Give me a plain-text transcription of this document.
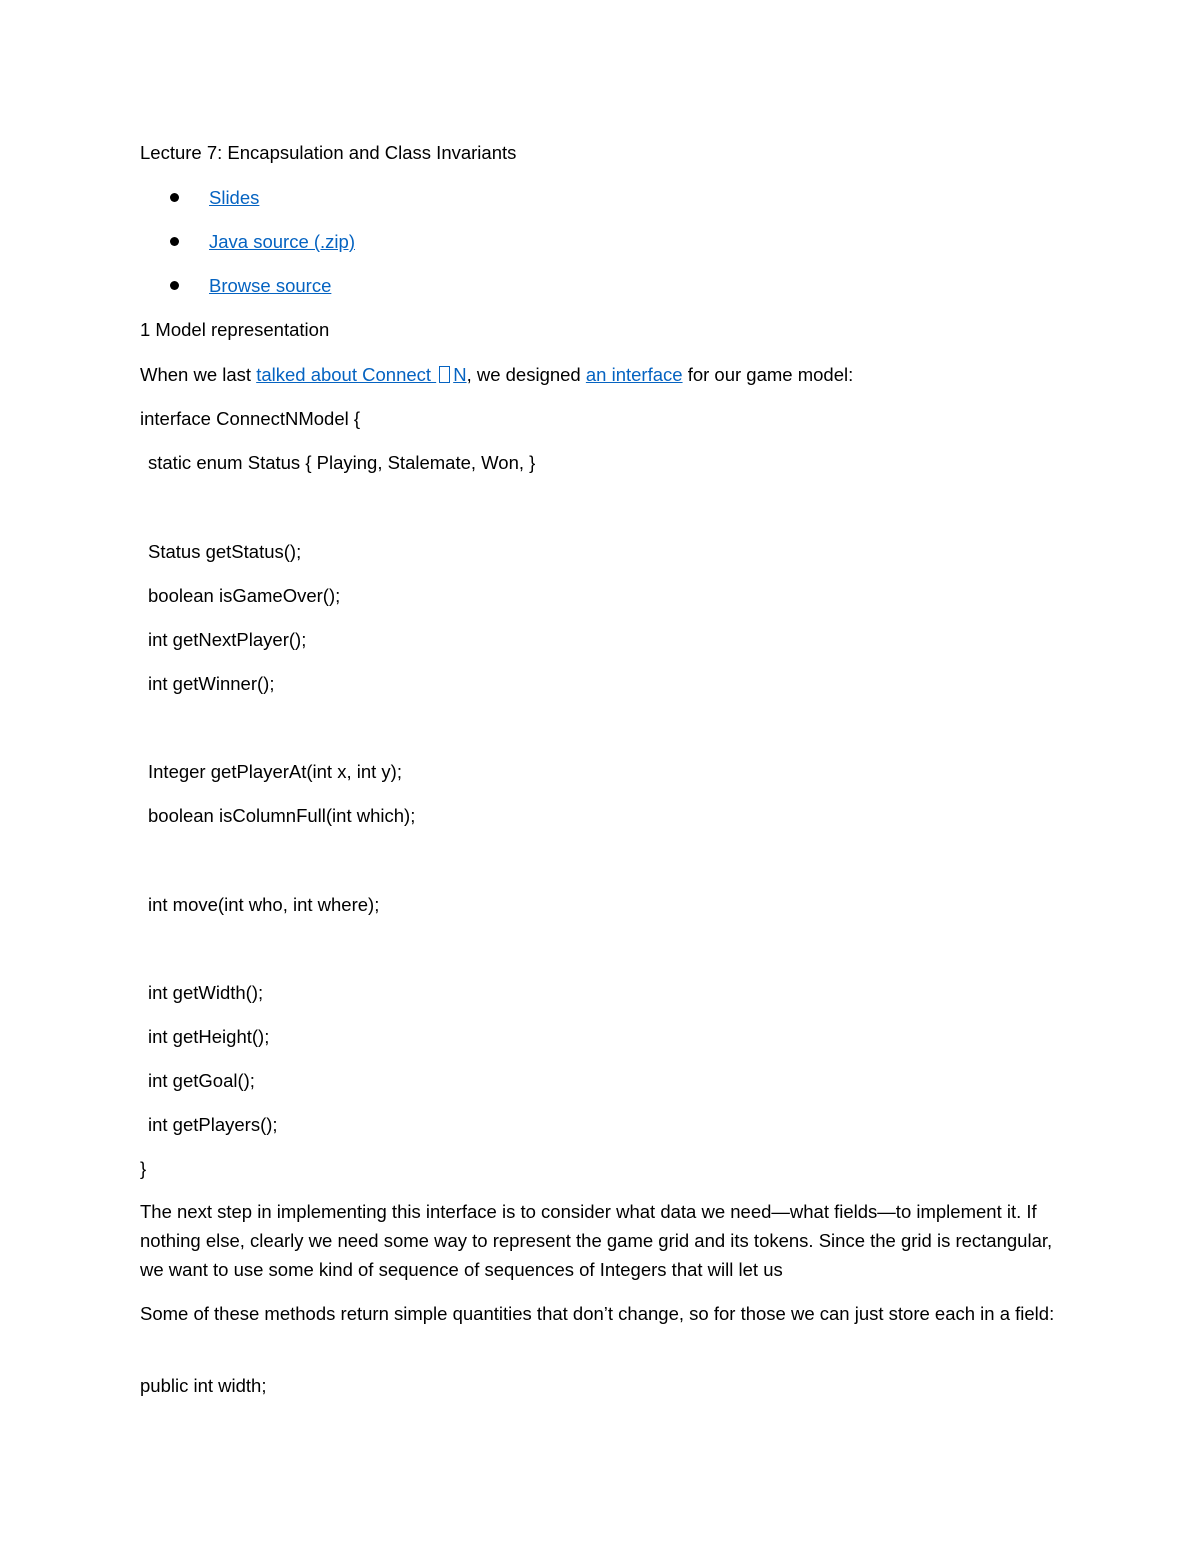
Lecture 7: Encapsulation and Class Invariants
Slides
Java source (.zip)
Browse source
1 Model representation
When we last talked about Connect N, we designed an interface for our game model:
interface ConnectNModel {
static enum Status { Playing, Stalemate, Won, }
Status getStatus();
boolean isGameOver();
int getNextPlayer();
int getWinner();
Integer getPlayerAt(int x, int y);
boolean isColumnFull(int which);
int move(int who, int where);
int getWidth();
int getHeight();
int getGoal();
int getPlayers();
}
The next step in implementing this interface is to consider what data we need—what fields—to implement it. If nothing else, clearly we need some way to represent the game grid and its tokens. Since the grid is rectangular, we want to use some kind of sequence of sequences of Integers that will let us
Some of these methods return simple quantities that don’t change, so for those we can just store each in a field:
public int width;
